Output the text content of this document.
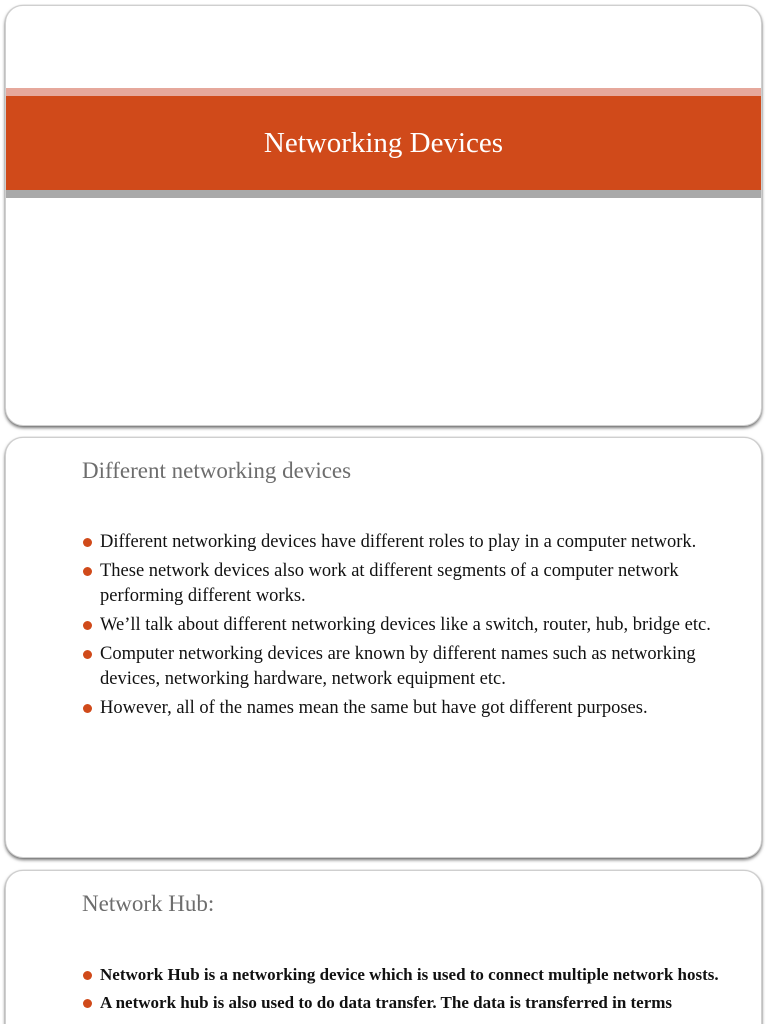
Networking Devices
Different networking devices
Different networking devices have different roles to play in a computer network.
These network devices also work at different segments of a computer network performing different works.
We’ll talk about different networking devices like a switch, router, hub, bridge etc.
Computer networking devices are known by different names such as networking devices, networking hardware, network equipment etc.
However, all of the names mean the same but have got different purposes.
Network Hub:
Network Hub is a networking device which is used to connect multiple network hosts.
A network hub is also used to do data transfer. The data is transferred in terms
